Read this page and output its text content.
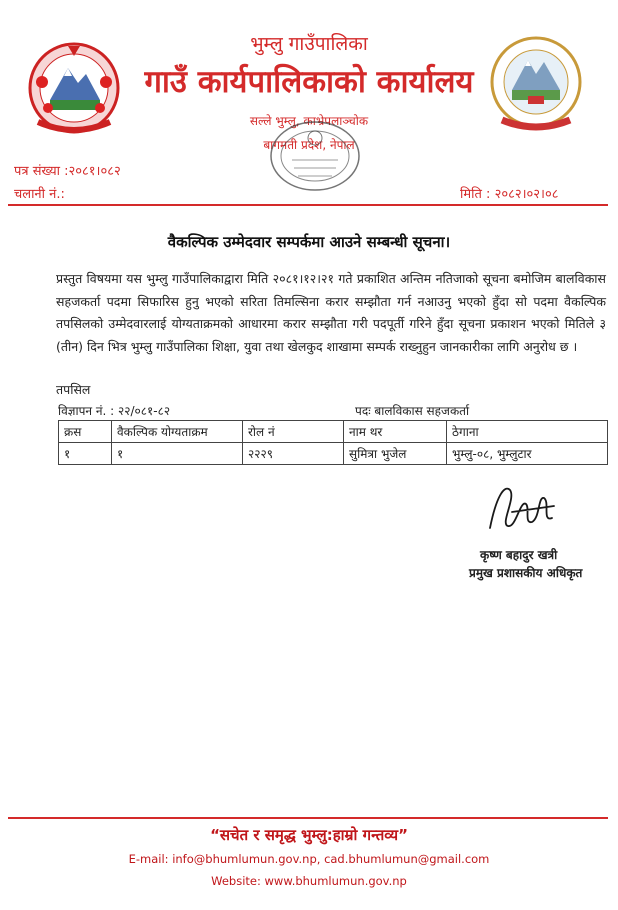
भुम्लु गाउँपालिका
गाउँ कार्यपालिकाको कार्यालय
सल्ले भुम्लु, काभ्रेपलाञ्चोक
बागमती प्रदेश, नेपाल
पत्र संख्या :२०८१।०८२
चलानी नं.:	मिति : २०८२।०२।०८
वैकल्पिक उम्मेदवार सम्पर्कमा आउने सम्बन्धी सूचना।
प्रस्तुत विषयमा यस भुम्लु गाउँपालिकाद्वारा मिति २०८१।१२।२१ गते प्रकाशित अन्तिम नतिजाको सूचना बमोजिम बालविकास सहजकर्ता पदमा सिफारिस हुनु भएको सरिता तिमल्सिना करार सम्झौता गर्न नआउनु भएको हुँदा सो पदमा वैकल्पिक तपसिलको उम्मेदवारलाई योग्यताक्रमको आधारमा करार सम्झौता गरी पदपूर्ती गरिने हुँदा सूचना प्रकाशन भएको मितिले ३ (तीन) दिन भित्र भुम्लु गाउँपालिका शिक्षा, युवा तथा खेलकुद शाखामा सम्पर्क राख्नुहुन जानकारीका लागि अनुरोध छ ।
तपसिल
विज्ञापन नं. : २२/०८१-८२	पदः बालविकास सहजकर्ता
क्रस	वैकल्पिक योग्यताक्रम	रोल नं	नाम थर	ठेगाना
१	१	२२२९	सुमित्रा भुजेल	भुम्लु-०८, भुम्लुटार
कृष्ण बहादुर खत्री
प्रमुख प्रशासकीय अधिकृत
“सचेत र समृद्ध भुम्लु:हाम्रो गन्तव्य”
E-mail: info@bhumlumun.gov.np, cad.bhumlumun@gmail.com
Website: www.bhumlumun.gov.np
